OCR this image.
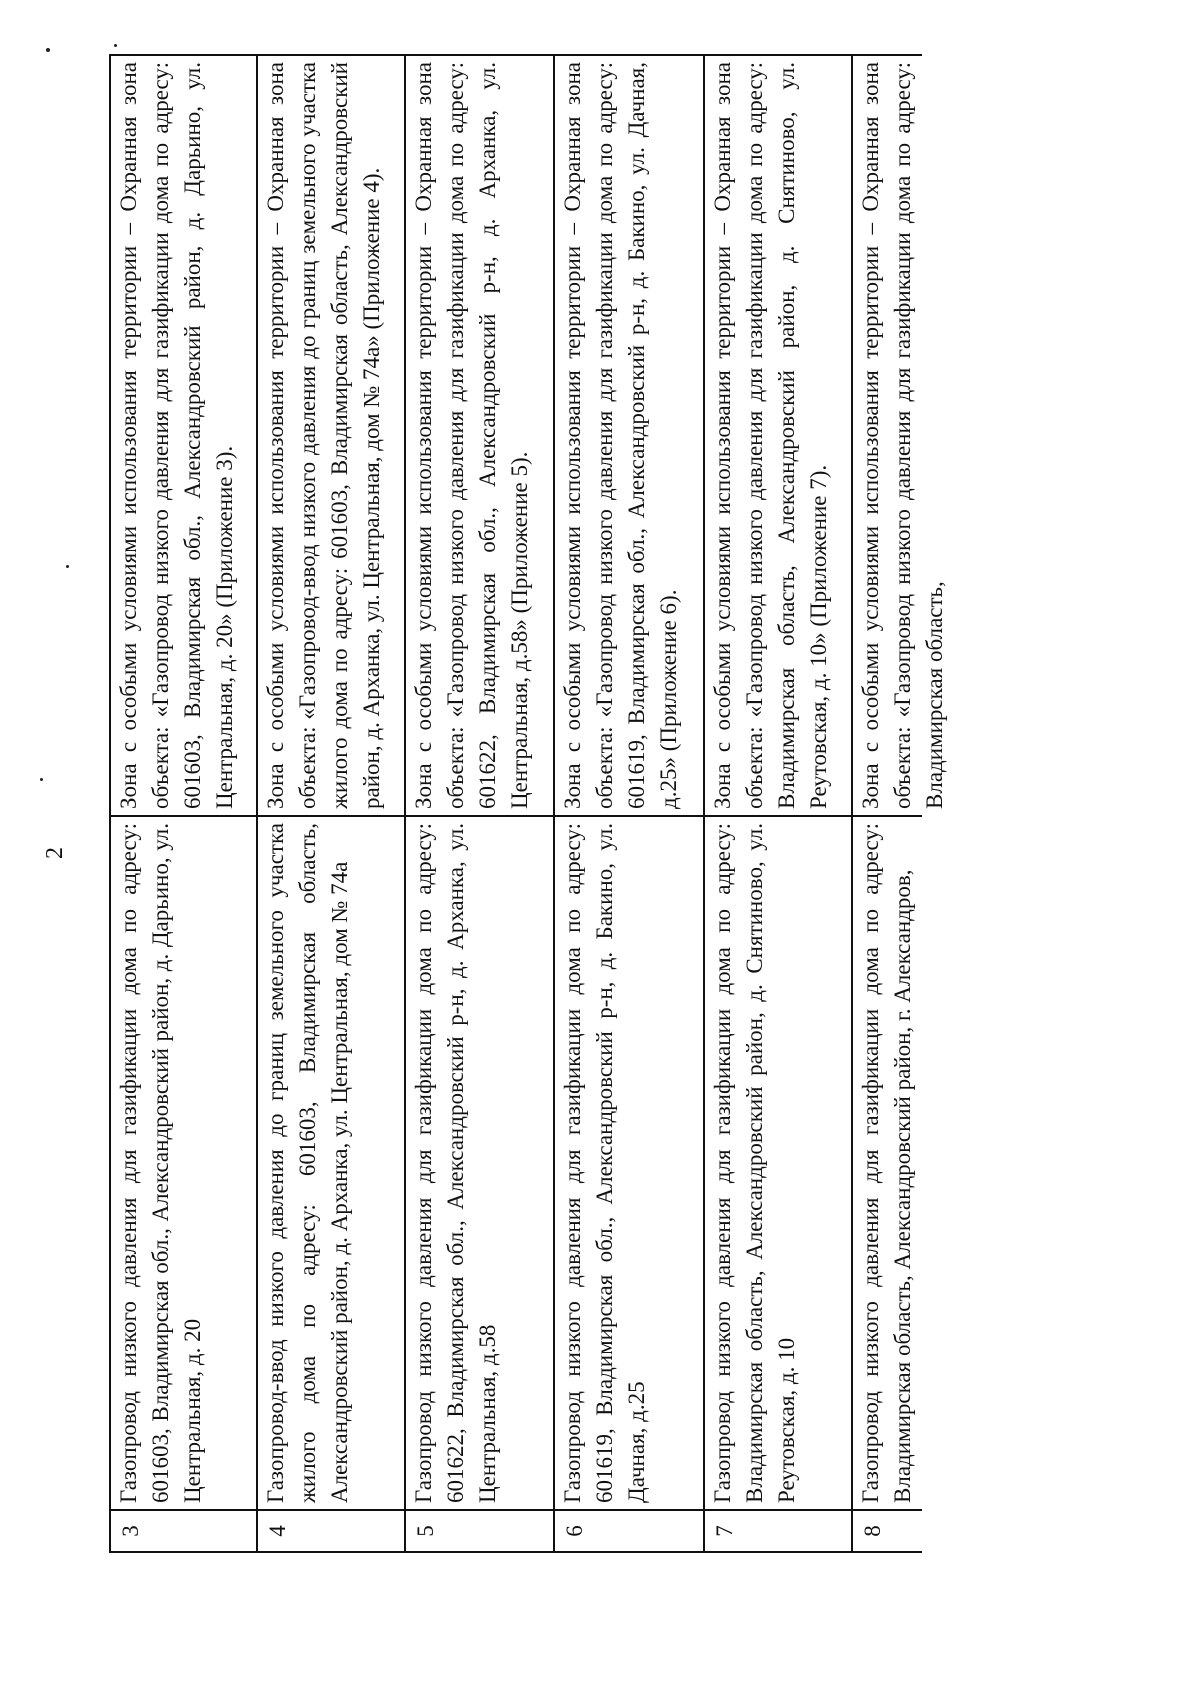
2
3	Газопровод низкого давления для газификации дома по адресу: 601603, Владимирская обл., Александровский район, д. Дарьино, ул. Центральная, д. 20	Зона с особыми условиями использования территории – Охранная зона объекта: «Газопровод низкого давления для газификации дома по адресу: 601603, Владимирская обл., Александровский район, д. Дарьино, ул. Центральная, д. 20» (Приложение 3).
4	Газопровод-ввод низкого давления до границ земельного участка жилого дома по адресу: 601603, Владимирская область, Александровский район, д. Арханка, ул. Центральная, дом № 74а	Зона с особыми условиями использования территории – Охранная зона объекта: «Газопровод-ввод низкого давления до границ земельного участка жилого дома по адресу: 601603, Владимирская область, Александровский район, д. Арханка, ул. Центральная, дом № 74а» (Приложение 4).
5	Газопровод низкого давления для газификации дома по адресу: 601622, Владимирская обл., Александровский р-н, д. Арханка, ул. Центральная, д.58	Зона с особыми условиями использования территории – Охранная зона объекта: «Газопровод низкого давления для газификации дома по адресу: 601622, Владимирская обл., Александровский р-н, д. Арханка, ул. Центральная, д.58» (Приложение 5).
6	Газопровод низкого давления для газификации дома по адресу: 601619, Владимирская обл., Александровский р-н, д. Бакино, ул. Дачная, д.25	Зона с особыми условиями использования территории – Охранная зона объекта: «Газопровод низкого давления для газификации дома по адресу: 601619, Владимирская обл., Александровский р-н, д. Бакино, ул. Дачная, д.25» (Приложение 6).
7	Газопровод низкого давления для газификации дома по адресу: Владимирская область, Александровский район, д. Снятиново, ул. Реутовская, д. 10	Зона с особыми условиями использования территории – Охранная зона объекта: «Газопровод низкого давления для газификации дома по адресу: Владимирская область, Александровский район, д. Снятиново, ул. Реутовская, д. 10» (Приложение 7).
8	Газопровод низкого давления для газификации дома по адресу: Владимирская область, Александровский район, г. Александров,	Зона с особыми условиями использования территории – Охранная зона объекта: «Газопровод низкого давления для газификации дома по адресу: Владимирская область,
